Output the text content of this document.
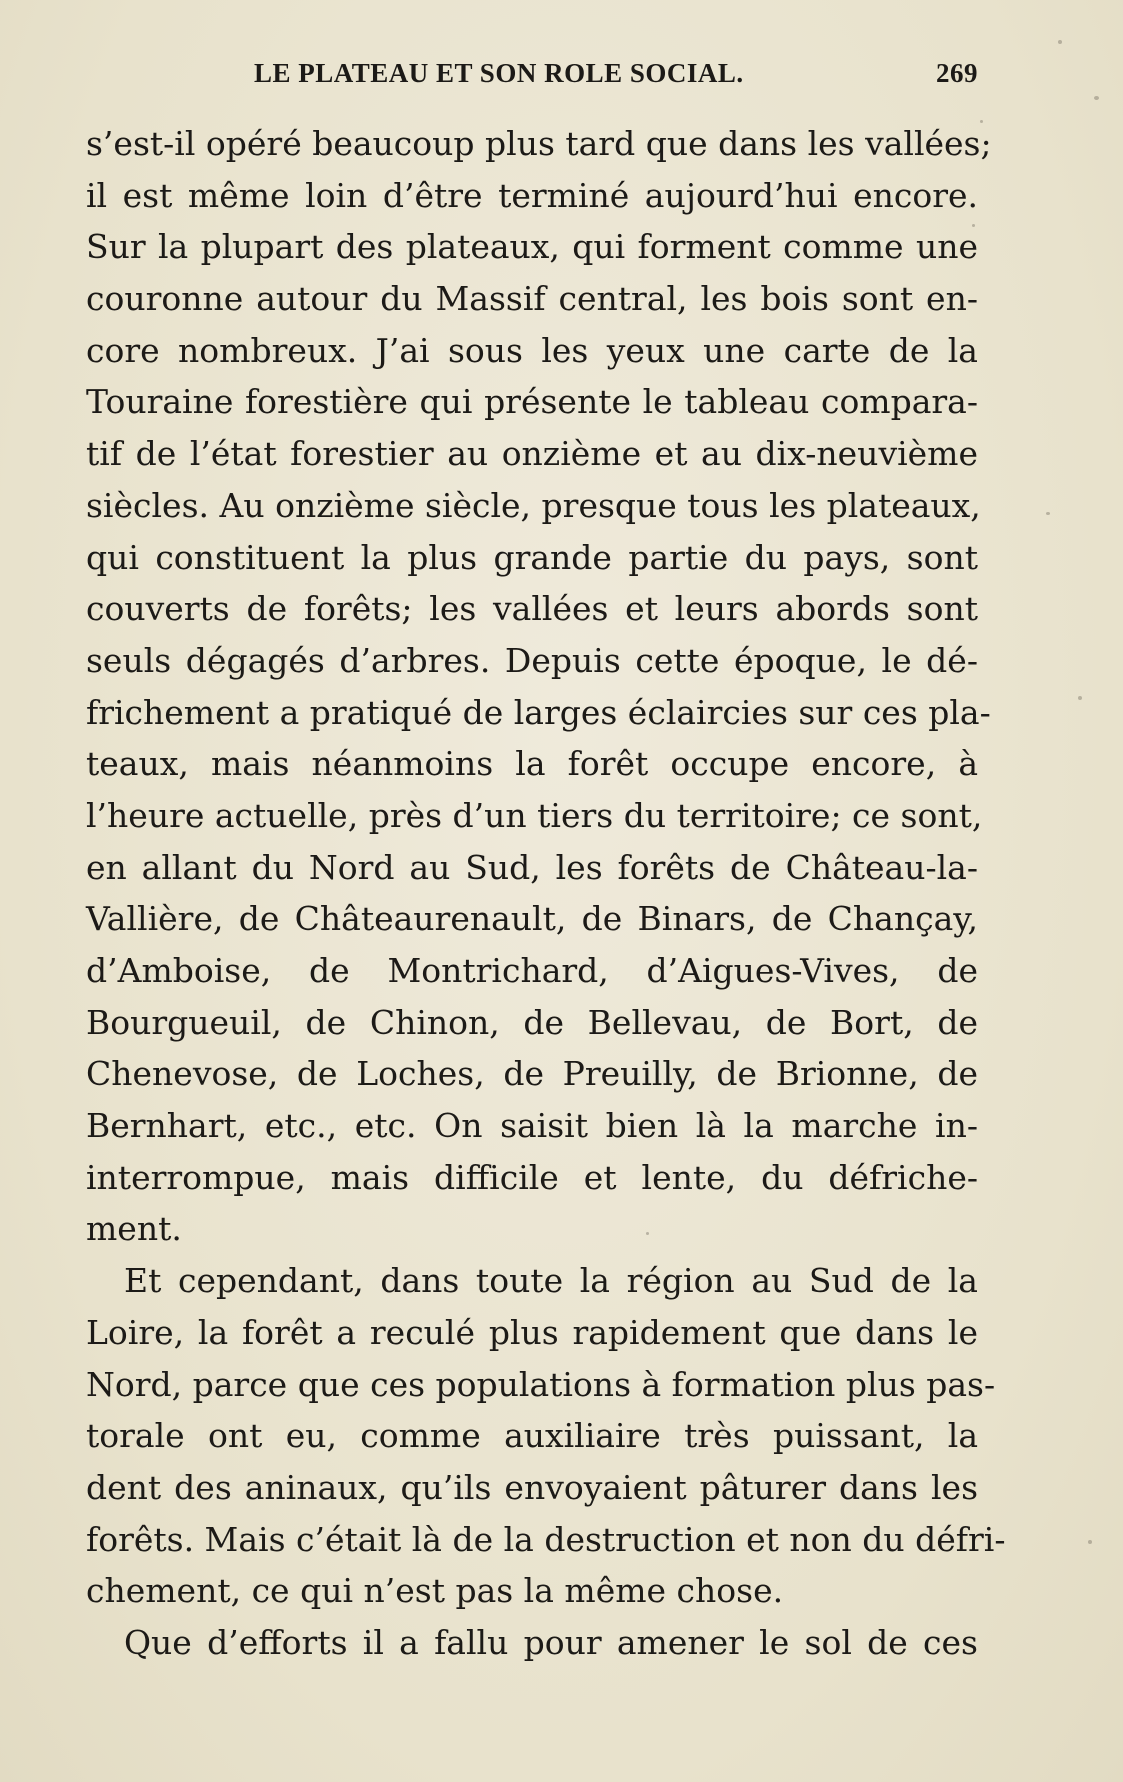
LE PLATEAU ET SON ROLE SOCIAL.	269
s’est-il opéré beaucoup plus tard que dans les vallées;
il est même loin d’être terminé aujourd’hui encore.
Sur la plupart des plateaux, qui forment comme une
couronne autour du Massif central, les bois sont en-
core nombreux. J’ai sous les yeux une carte de la
Touraine forestière qui présente le tableau compara-
tif de l’état forestier au onzième et au dix-neuvième
siècles. Au onzième siècle, presque tous les plateaux,
qui constituent la plus grande partie du pays, sont
couverts de forêts; les vallées et leurs abords sont
seuls dégagés d’arbres. Depuis cette époque, le dé-
frichement a pratiqué de larges éclaircies sur ces pla-
teaux, mais néanmoins la forêt occupe encore, à
l’heure actuelle, près d’un tiers du territoire; ce sont,
en allant du Nord au Sud, les forêts de Château-la-
Vallière, de Châteaurenault, de Binars, de Chançay,
d’Amboise, de Montrichard, d’Aigues-Vives, de
Bourgueuil, de Chinon, de Bellevau, de Bort, de
Chenevose, de Loches, de Preuilly, de Brionne, de
Bernhart, etc., etc. On saisit bien là la marche in-
interrompue, mais difficile et lente, du défriche-
ment.
Et cependant, dans toute la région au Sud de la
Loire, la forêt a reculé plus rapidement que dans le
Nord, parce que ces populations à formation plus pas-
torale ont eu, comme auxiliaire très puissant, la
dent des aninaux, qu’ils envoyaient pâturer dans les
forêts. Mais c’était là de la destruction et non du défri-
chement, ce qui n’est pas la même chose.
Que d’efforts il a fallu pour amener le sol de ces
